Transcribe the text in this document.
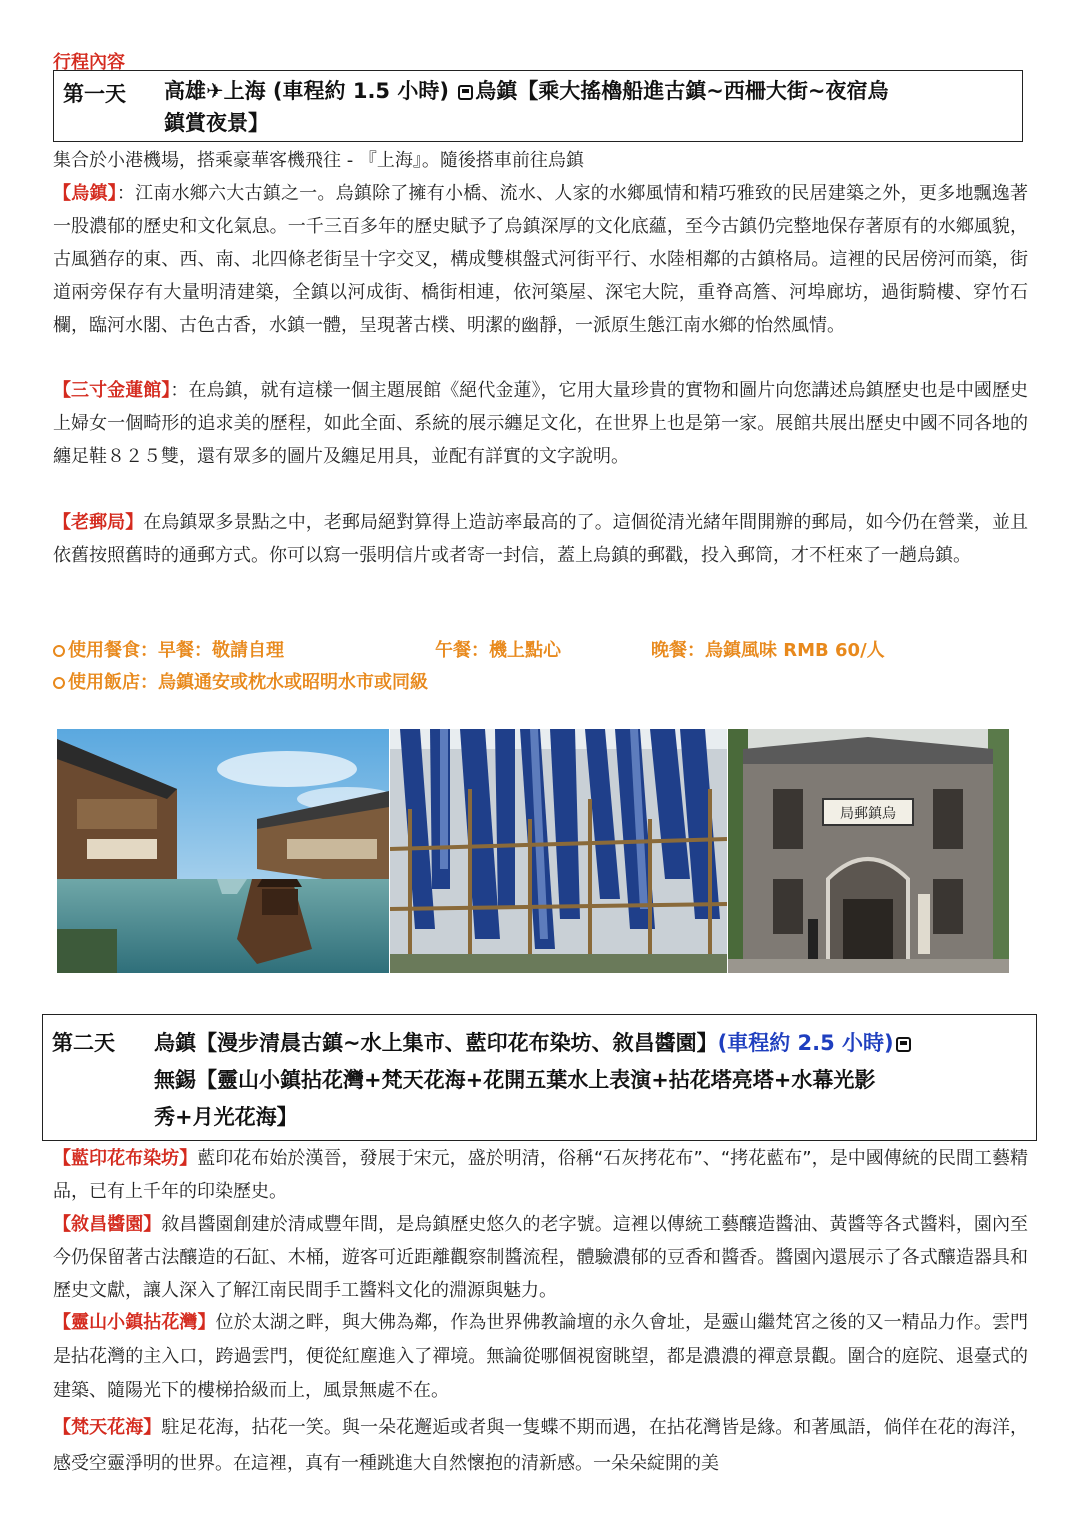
行程內容
第一天 高雄✈上海 (車程約 1.5 小時) 烏鎮【乘大搖櫓船進古鎮~西柵大街~夜宿烏
鎮賞夜景】
集合於小港機場，搭乘豪華客機飛往 - 『上海』。隨後搭車前往烏鎮
【烏鎮】：江南水鄉六大古鎮之一。烏鎮除了擁有小橋、流水、人家的水鄉風情和精巧雅致的民居建築之外，更多地飄逸著一股濃郁的歷史和文化氣息。一千三百多年的歷史賦予了烏鎮深厚的文化底蘊，至今古鎮仍完整地保存著原有的水鄉風貌，古風猶存的東、西、南、北四條老街呈十字交叉，構成雙棋盤式河街平行、水陸相鄰的古鎮格局。這裡的民居傍河而築，街道兩旁保存有大量明清建築，全鎮以河成街、橋街相連，依河築屋、深宅大院，重脊高簷、河埠廊坊，過街騎樓、穿竹石欄，臨河水閣、古色古香，水鎮一體，呈現著古樸、明潔的幽靜，一派原生態江南水鄉的怡然風情。
【三寸金蓮館】：在烏鎮，就有這樣一個主題展館《絕代金蓮》，它用大量珍貴的實物和圖片向您講述烏鎮歷史也是中國歷史上婦女一個畸形的追求美的歷程，如此全面、系統的展示纏足文化，在世界上也是第一家。展館共展出歷史中國不同各地的纏足鞋８２５雙，還有眾多的圖片及纏足用具，並配有詳實的文字說明。
【老郵局】在烏鎮眾多景點之中，老郵局絕對算得上造訪率最高的了。這個從清光緒年間開辦的郵局，如今仍在營業，並且依舊按照舊時的通郵方式。你可以寫一張明信片或者寄一封信，蓋上烏鎮的郵戳，投入郵筒，才不枉來了一趟烏鎮。
使用餐食：早餐：敬請自理	午餐：機上點心	晚餐：烏鎮風味 RMB 60/人
使用飯店：烏鎮通安或枕水或昭明水市或同級
局郵鎮烏
第二天 烏鎮【漫步清晨古鎮~水上集市、藍印花布染坊、敘昌醬園】(車程約 2.5 小時)
無錫【靈山小鎮拈花灣+梵天花海+花開五葉水上表演+拈花塔亮塔+水幕光影
秀+月光花海】
【藍印花布染坊】藍印花布始於漢晉，發展于宋元，盛於明清，俗稱“石灰拷花布”、“拷花藍布”，是中國傳統的民間工藝精品，已有上千年的印染歷史。
【敘昌醬園】敘昌醬園創建於清咸豐年間，是烏鎮歷史悠久的老字號。這裡以傳統工藝釀造醬油、黃醬等各式醬料，園內至今仍保留著古法釀造的石缸、木桶，遊客可近距離觀察制醬流程，體驗濃郁的豆香和醬香。醬園內還展示了各式釀造器具和歷史文獻，讓人深入了解江南民間手工醬料文化的淵源與魅力。
【靈山小鎮拈花灣】位於太湖之畔，與大佛為鄰，作為世界佛教論壇的永久會址，是靈山繼梵宮之後的又一精品力作。雲門是拈花灣的主入口，跨過雲門，便從紅塵進入了禪境。無論從哪個視窗眺望，都是濃濃的禪意景觀。圍合的庭院、退臺式的建築、隨陽光下的樓梯拾級而上，風景無處不在。
【梵天花海】駐足花海，拈花一笑。與一朵花邂逅或者與一隻蝶不期而遇，在拈花灣皆是緣。和著風語，倘佯在花的海洋，感受空靈淨明的世界。在這裡，真有一種跳進大自然懷抱的清新感。一朵朵綻開的美
